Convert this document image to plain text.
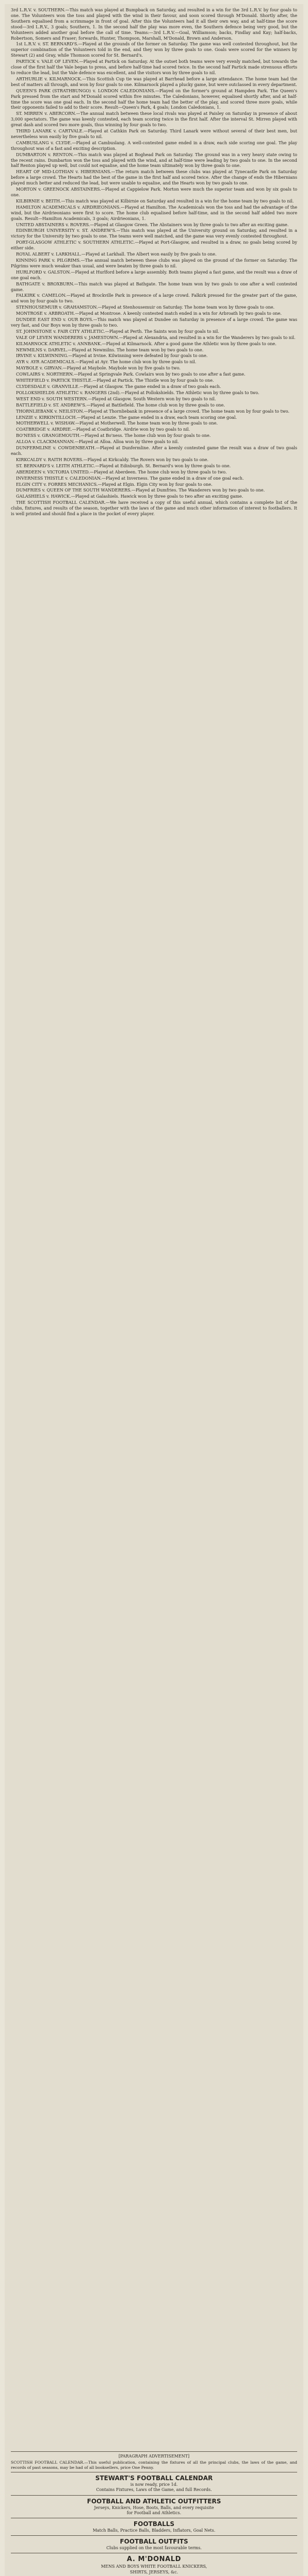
3rd L.R.V. v. SOUTHERN.—This match was played at Bumpback on Saturday, and resulted in a win for the 3rd L.R.V. by four goals to one. The Volunteers won the toss and played with the wind in their favour, and soon scored through M'Donald. Shortly after, the Southern equalised from a scrimmage in front of goal. After this the Volunteers had it all their own way, and at half-time the score stood—3rd L.R.V., 3 goals; Southern, 1. In the second half the play was more even, the Southern defence being very good, but the Volunteers added another goal before the call of time. Teams:—3rd L.R.V.—Goal, Williamson; backs, Findlay and Kay; half-backs, Robertson, Somers and Fraser; forwards, Hunter, Thompson, Marshall, M'Donald, Brown and Anderson.

1st L.R.V. v. ST. BERNARD'S.—Played at the grounds of the former on Saturday. The game was well contested throughout, but the superior combination of the Volunteers told in the end, and they won by three goals to one. Goals were scored for the winners by Stewart (2) and Gray, while Thomson scored for St. Bernard's.

PARTICK v. VALE OF LEVEN.—Played at Partick on Saturday. At the outset both teams were very evenly matched, but towards the close of the first half the Vale began to press, and before half-time had scored twice. In the second half Partick made strenuous efforts to reduce the lead, but the Vale defence was excellent, and the visitors won by three goals to nil.

ARTHURLIE v. KILMARNOCK.—This Scottish Cup tie was played at Barrhead before a large attendance. The home team had the best of matters all through, and won by four goals to one. Kilmarnock played a plucky game, but were outclassed in every department.

QUEEN'S PARK (STRATHBUNGO) v. LONDON CALEDONIANS.—Played on the former's ground at Hampden Park. The Queen's Park pressed from the start and M'Donald scored within five minutes. The Caledonians, however, equalised shortly after, and at half-time the score was one goal each. In the second half the home team had the better of the play, and scored three more goals, while their opponents failed to add to their score. Result—Queen's Park, 4 goals; London Caledonians, 1.

ST. MIRREN v. ABERCORN.—The annual match between these local rivals was played at Paisley on Saturday in presence of about 3,000 spectators. The game was keenly contested, each team scoring twice in the first half. After the interval St. Mirren played with great dash and scored two more goals, thus winning by four goals to two.

THIRD LANARK v. CARTVALE.—Played at Cathkin Park on Saturday. Third Lanark were without several of their best men, but nevertheless won easily by five goals to nil.

CAMBUSLANG v. CLYDE.—Played at Cambuslang. A well-contested game ended in a draw, each side scoring one goal. The play throughout was of a fast and exciting description.

DUMBARTON v. RENTON.—This match was played at Boghead Park on Saturday. The ground was in a very heavy state owing to the recent rains. Dumbarton won the toss and played with the wind, and at half-time were leading by two goals to one. In the second half Renton played up well, but could not equalise, and the home team ultimately won by three goals to one.

HEART OF MID-LOTHIAN v. HIBERNIANS.—The return match between these clubs was played at Tynecastle Park on Saturday before a large crowd. The Hearts had the best of the game in the first half and scored twice. After the change of ends the Hibernians played much better and reduced the lead, but were unable to equalise, and the Hearts won by two goals to one.

MORTON v. GREENOCK ABSTAINERS.—Played at Cappielow Park. Morton were much the superior team and won by six goals to one.

KILBIRNIE v. BEITH.—This match was played at Kilbirnie on Saturday and resulted in a win for the home team by two goals to nil.

HAMILTON ACADEMICALS v. AIRDRIEONIANS.—Played at Hamilton. The Academicals won the toss and had the advantage of the wind, but the Airdrieonians were first to score. The home club equalised before half-time, and in the second half added two more goals. Result—Hamilton Academicals, 3 goals; Airdrieonians, 1.

UNITED ABSTAINERS v. ROVERS.—Played at Glasgow Green. The Abstainers won by three goals to two after an exciting game.

EDINBURGH UNIVERSITY v. ST. ANDREW'S.—This match was played at the University ground on Saturday, and resulted in a victory for the University by two goals to one. The teams were well matched, and the game was very evenly contested throughout.

PORT-GLASGOW ATHLETIC v. SOUTHERN ATHLETIC.—Played at Port-Glasgow, and resulted in a draw, no goals being scored by either side.

ROYAL ALBERT v. LARKHALL.—Played at Larkhall. The Albert won easily by five goals to one.

KINNING PARK v. PILGRIMS.—The annual match between these clubs was played on the ground of the former on Saturday. The Pilgrims were much weaker than usual, and were beaten by three goals to nil.

HURLFORD v. GALSTON.—Played at Hurlford before a large assembly. Both teams played a fast game, and the result was a draw of one goal each.

BATHGATE v. BROXBURN.—This match was played at Bathgate. The home team won by two goals to one after a well contested game.

FALKIRK v. CAMELON.—Played at Brockville Park in presence of a large crowd. Falkirk pressed for the greater part of the game, and won by four goals to two.

STENHOUSEMUIR v. GRAHAMSTON.—Played at Stenhousemuir on Saturday. The home team won by three goals to one.

MONTROSE v. ARBROATH.—Played at Montrose. A keenly contested match ended in a win for Arbroath by two goals to one.

DUNDEE EAST END v. OUR BOYS.—This match was played at Dundee on Saturday in presence of a large crowd. The game was very fast, and Our Boys won by three goals to two.

ST. JOHNSTONE v. FAIR CITY ATHLETIC.—Played at Perth. The Saints won by four goals to nil.

VALE OF LEVEN WANDERERS v. JAMESTOWN.—Played at Alexandria, and resulted in a win for the Wanderers by two goals to nil.

KILMARNOCK ATHLETIC v. ANNBANK.—Played at Kilmarnock. After a good game the Athletic won by three goals to one.

NEWMILNS v. DARVEL.—Played at Newmilns. The home team won by two goals to one.

IRVINE v. KILWINNING.—Played at Irvine. Kilwinning were defeated by four goals to one.

AYR v. AYR ACADEMICALS.—Played at Ayr. The home club won by three goals to nil.

MAYBOLE v. GIRVAN.—Played at Maybole. Maybole won by five goals to two.

COWLAIRS v. NORTHERN.—Played at Springvale Park. Cowlairs won by two goals to one after a fast game.

WHITEFIELD v. PARTICK THISTLE.—Played at Partick. The Thistle won by four goals to one.

CLYDESDALE v. GRANVILLE.—Played at Glasgow. The game ended in a draw of two goals each.

POLLOKSHIELDS ATHLETIC v. RANGERS (2nd).—Played at Pollokshields. The Athletic won by three goals to two.

WEST END v. SOUTH WESTERN.—Played at Glasgow. South Western won by two goals to nil.

BATTLEFIELD v. ST. ANDREW'S.—Played at Battlefield. The home club won by three goals to one.

THORNLIEBANK v. NEILSTON.—Played at Thornliebank in presence of a large crowd. The home team won by four goals to two.

LENZIE v. KIRKINTILLOCH.—Played at Lenzie. The game ended in a draw, each team scoring one goal.

MOTHERWELL v. WISHAW.—Played at Motherwell. The home team won by three goals to one.

COATBRIDGE v. AIRDRIE.—Played at Coatbridge. Airdrie won by two goals to nil.

BO'NESS v. GRANGEMOUTH.—Played at Bo'ness. The home club won by four goals to one.

ALLOA v. CLACKMANNAN.—Played at Alloa. Alloa won by three goals to nil.

DUNFERMLINE v. COWDENBEATH.—Played at Dunfermline. After a keenly contested game the result was a draw of two goals each.

KIRKCALDY v. RAITH ROVERS.—Played at Kirkcaldy. The Rovers won by two goals to one.

ST. BERNARD'S v. LEITH ATHLETIC.—Played at Edinburgh. St. Bernard's won by three goals to one.

ABERDEEN v. VICTORIA UNITED.—Played at Aberdeen. The home club won by three goals to two.

INVERNESS THISTLE v. CALEDONIAN.—Played at Inverness. The game ended in a draw of one goal each.

ELGIN CITY v. FORRES MECHANICS.—Played at Elgin. Elgin City won by four goals to one.

DUMFRIES v. QUEEN OF THE SOUTH WANDERERS.—Played at Dumfries. The Wanderers won by two goals to one.

GALASHIELS v. HAWICK.—Played at Galashiels. Hawick won by three goals to two after an exciting game.

THE SCOTTISH FOOTBALL CALENDAR.—We have received a copy of this useful annual, which contains a complete list of the clubs, fixtures, and results of the season, together with the laws of the game and much other information of interest to footballers. It is well printed and should find a place in the pocket of every player.

[PARAGRAPH ADVERTISEMENT]

SCOTTISH FOOTBALL CALENDAR.—This useful publication, containing the fixtures of all the principal clubs, the laws of the game, and records of past seasons, may be had of all booksellers, price One Penny.

STEWART'S FOOTBALL CALENDAR

is now ready, price 1d.

Contains Fixtures, Laws of the Game, and full Records.

FOOTBALL AND ATHLETIC OUTFITTERS

Jerseys, Knickers, Hose, Boots, Balls, and every requisite

for Football and Athletics.

FOOTBALLS

Match Balls, Practice Balls, Bladders, Inflators, Goal Nets.

FOOTBALL OUTFITS

Clubs supplied on the most favourable terms.

A. M'DONALD

MENS AND BOYS WHITE FOOTBALL KNICKERS,

SHIRTS, JERSEYS, &c.
